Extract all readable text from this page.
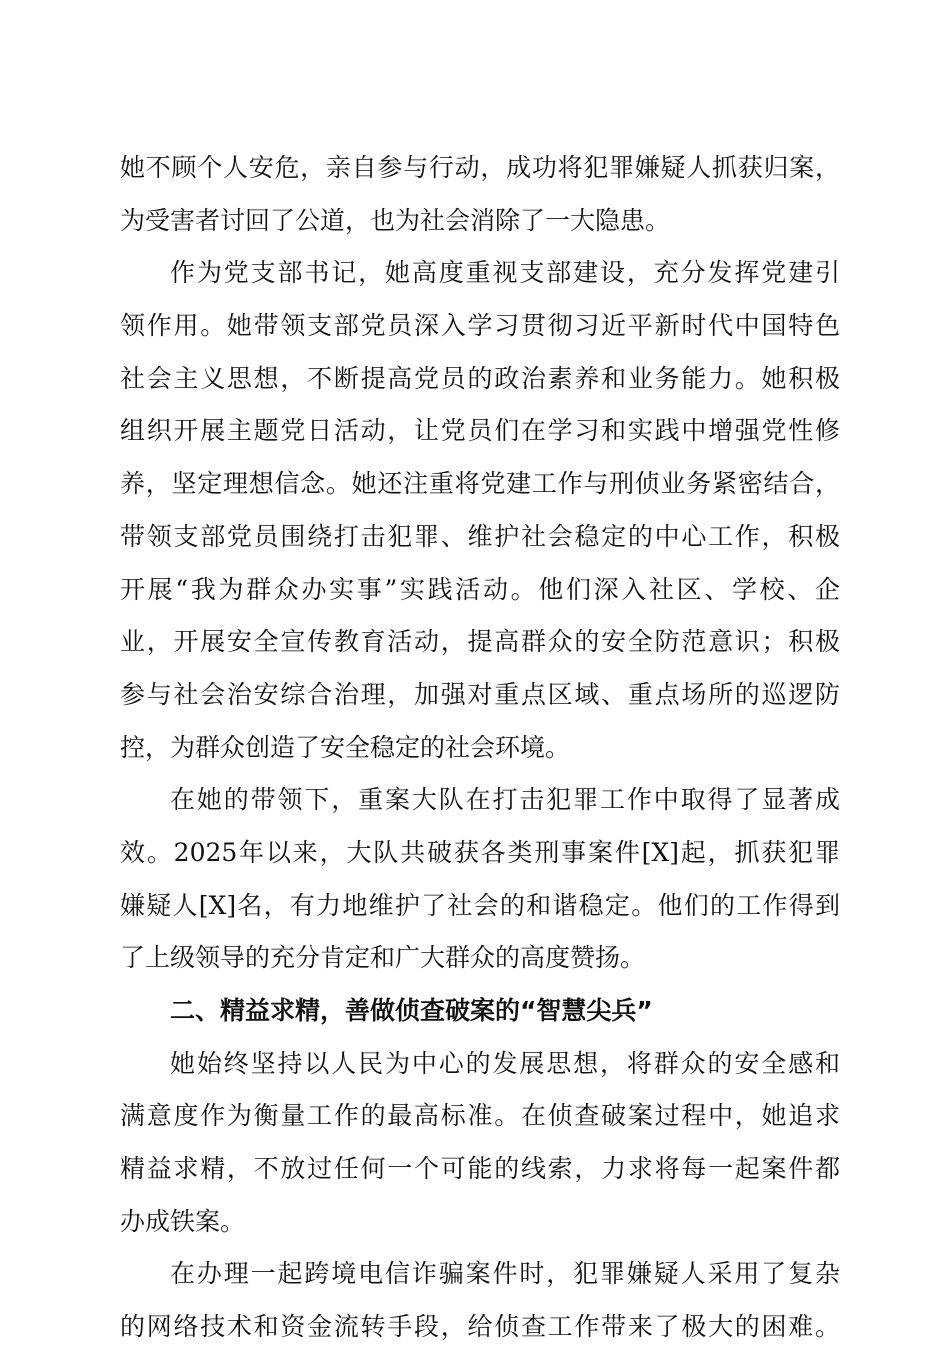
她不顾个人安危，亲自参与行动，成功将犯罪嫌疑人抓获归案，
为受害者讨回了公道，也为社会消除了一大隐患。
作为党支部书记，她高度重视支部建设，充分发挥党建引
领作用。她带领支部党员深入学习贯彻习近平新时代中国特色
社会主义思想，不断提高党员的政治素养和业务能力。她积极
组织开展主题党日活动，让党员们在学习和实践中增强党性修
养，坚定理想信念。她还注重将党建工作与刑侦业务紧密结合，
带领支部党员围绕打击犯罪、维护社会稳定的中心工作，积极
开展“我为群众办实事”实践活动。他们深入社区、学校、企
业，开展安全宣传教育活动，提高群众的安全防范意识；积极
参与社会治安综合治理，加强对重点区域、重点场所的巡逻防
控，为群众创造了安全稳定的社会环境。
在她的带领下，重案大队在打击犯罪工作中取得了显著成
效。2025年以来，大队共破获各类刑事案件[X]起，抓获犯罪
嫌疑人[X]名，有力地维护了社会的和谐稳定。他们的工作得到
了上级领导的充分肯定和广大群众的高度赞扬。
二、精益求精，善做侦查破案的“智慧尖兵”
她始终坚持以人民为中心的发展思想，将群众的安全感和
满意度作为衡量工作的最高标准。在侦查破案过程中，她追求
精益求精，不放过任何一个可能的线索，力求将每一起案件都
办成铁案。
在办理一起跨境电信诈骗案件时，犯罪嫌疑人采用了复杂
的网络技术和资金流转手段，给侦查工作带来了极大的困难。
